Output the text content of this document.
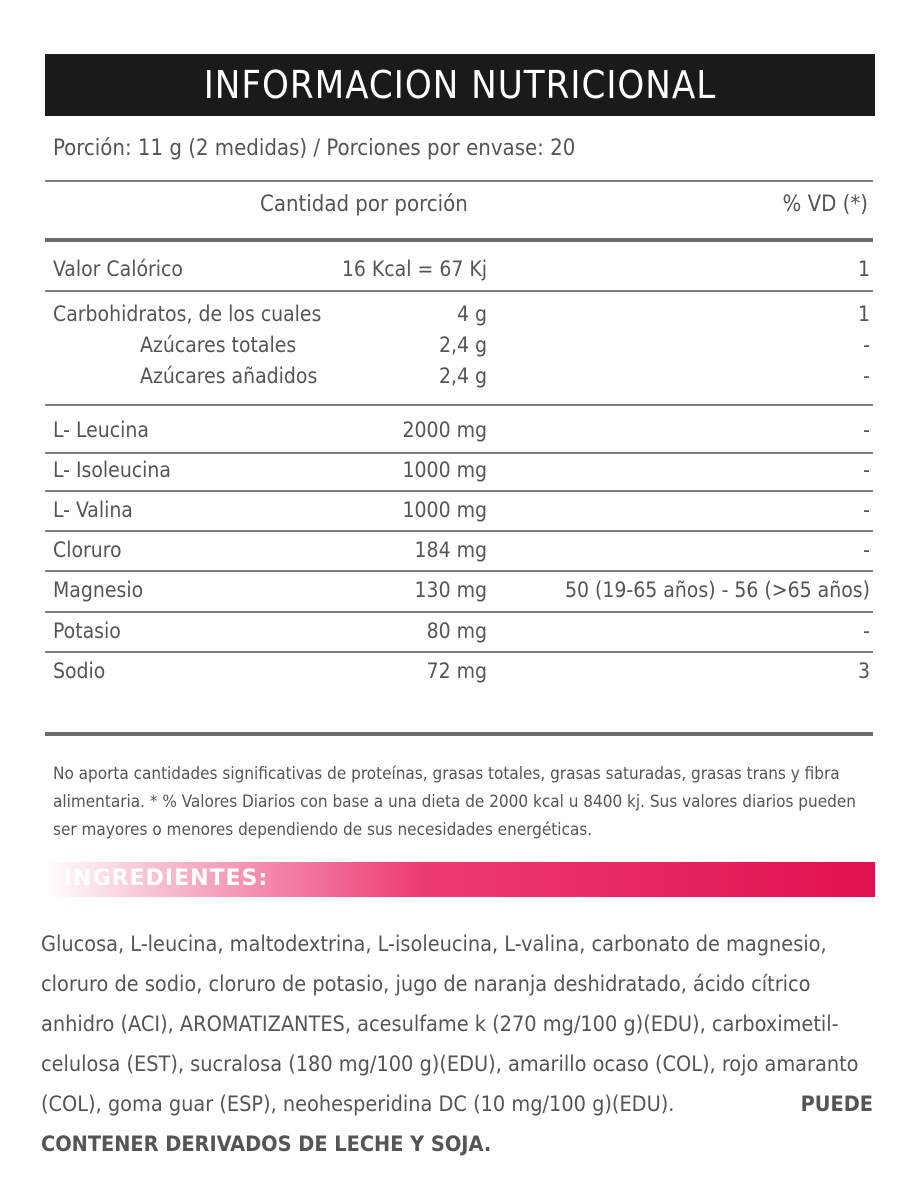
INFORMACION NUTRICIONAL
Porción: 11 g (2 medidas) / Porciones por envase: 20
Cantidad por porción	% VD (*)
Valor Calórico	16 Kcal = 67 Kj	1
Carbohidratos, de los cuales	4 g	1
Azúcares totales	2,4 g	-
Azúcares añadidos	2,4 g	-
L- Leucina	2000 mg	-
L- Isoleucina	1000 mg	-
L- Valina	1000 mg	-
Cloruro	184 mg	-
Magnesio	130 mg	50 (19-65 años) - 56 (>65 años)
Potasio	80 mg	-
Sodio	72 mg	3
No aporta cantidades significativas de proteínas, grasas totales, grasas saturadas, grasas trans y fibra
alimentaria. * % Valores Diarios con base a una dieta de 2000 kcal u 8400 kj. Sus valores diarios pueden
ser mayores o menores dependiendo de sus necesidades energéticas.
INGREDIENTES:
Glucosa, L-leucina, maltodextrina, L-isoleucina, L-valina, carbonato de magnesio,
cloruro de sodio, cloruro de potasio, jugo de naranja deshidratado, ácido cítrico
anhidro (ACI), AROMATIZANTES, acesulfame k (270 mg/100 g)(EDU), carboximetil-
celulosa (EST), sucralosa (180 mg/100 g)(EDU), amarillo ocaso (COL), rojo amaranto
(COL), goma guar (ESP), neohesperidina DC (10 mg/100 g)(EDU).	PUEDE
CONTENER DERIVADOS DE LECHE Y SOJA.
